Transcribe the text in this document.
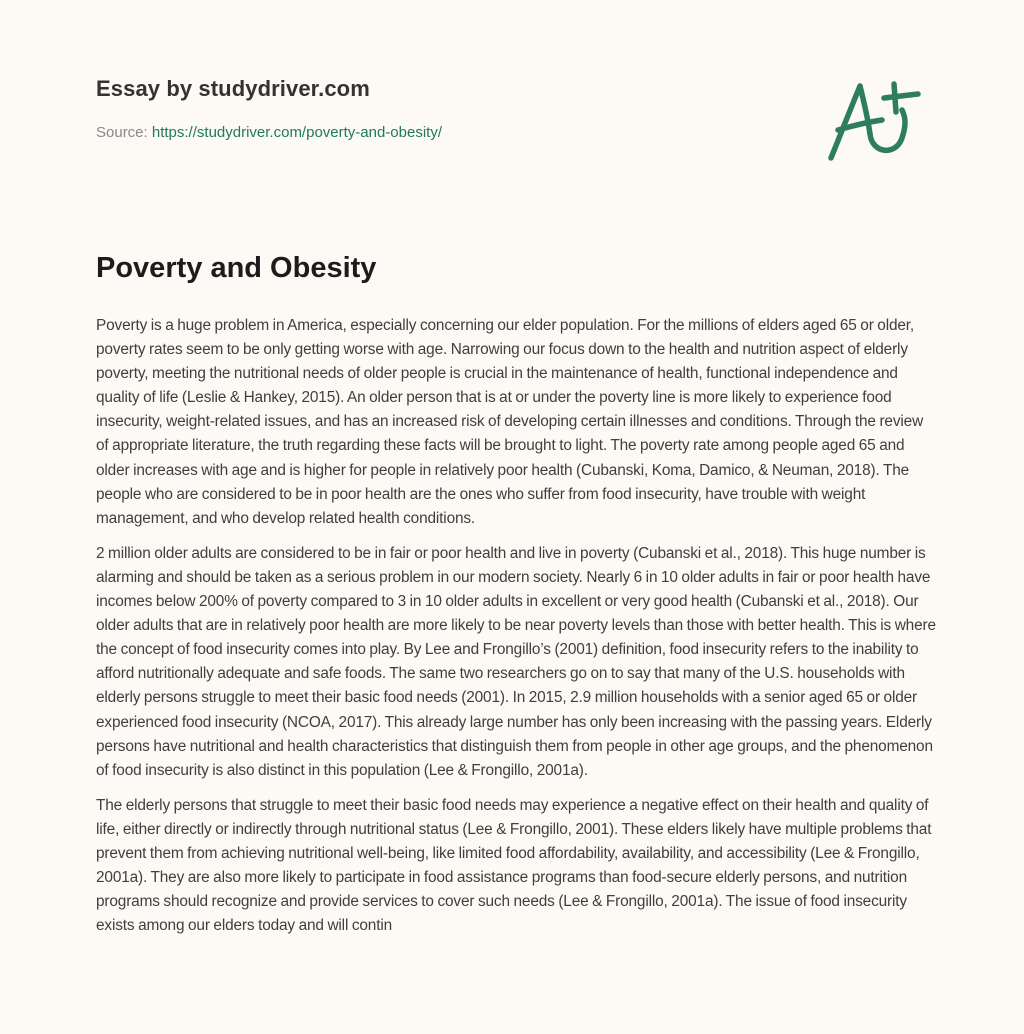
Essay by studydriver.com
Source: https://studydriver.com/poverty-and-obesity/
Poverty and Obesity

Poverty is a huge problem in America, especially concerning our elder population. For the millions of elders aged 65 or older, poverty rates seem to be only getting worse with age. Narrowing our focus down to the health and nutrition aspect of elderly poverty, meeting the nutritional needs of older people is crucial in the maintenance of health, functional independence and quality of life (Leslie & Hankey, 2015). An older person that is at or under the poverty line is more likely to experience food insecurity, weight-related issues, and has an increased risk of developing certain illnesses and conditions. Through the review of appropriate literature, the truth regarding these facts will be brought to light. The poverty rate among people aged 65 and older increases with age and is higher for people in relatively poor health (Cubanski, Koma, Damico, & Neuman, 2018). The people who are considered to be in poor health are the ones who suffer from food insecurity, have trouble with weight management, and who develop related health conditions.

2 million older adults are considered to be in fair or poor health and live in poverty (Cubanski et al., 2018). This huge number is alarming and should be taken as a serious problem in our modern society. Nearly 6 in 10 older adults in fair or poor health have incomes below 200% of poverty compared to 3 in 10 older adults in excellent or very good health (Cubanski et al., 2018). Our older adults that are in relatively poor health are more likely to be near poverty levels than those with better health. This is where the concept of food insecurity comes into play. By Lee and Frongillo’s (2001) definition, food insecurity refers to the inability to afford nutritionally adequate and safe foods. The same two researchers go on to say that many of the U.S. households with elderly persons struggle to meet their basic food needs (2001). In 2015, 2.9 million households with a senior aged 65 or older experienced food insecurity (NCOA, 2017). This already large number has only been increasing with the passing years. Elderly persons have nutritional and health characteristics that distinguish them from people in other age groups, and the phenomenon of food insecurity is also distinct in this population (Lee & Frongillo, 2001a).

The elderly persons that struggle to meet their basic food needs may experience a negative effect on their health and quality of life, either directly or indirectly through nutritional status (Lee & Frongillo, 2001). These elders likely have multiple problems that prevent them from achieving nutritional well-being, like limited food affordability, availability, and accessibility (Lee & Frongillo, 2001a). They are also more likely to participate in food assistance programs than food-secure elderly persons, and nutrition programs should recognize and provide services to cover such needs (Lee & Frongillo, 2001a). The issue of food insecurity exists among our elders today and will contin
